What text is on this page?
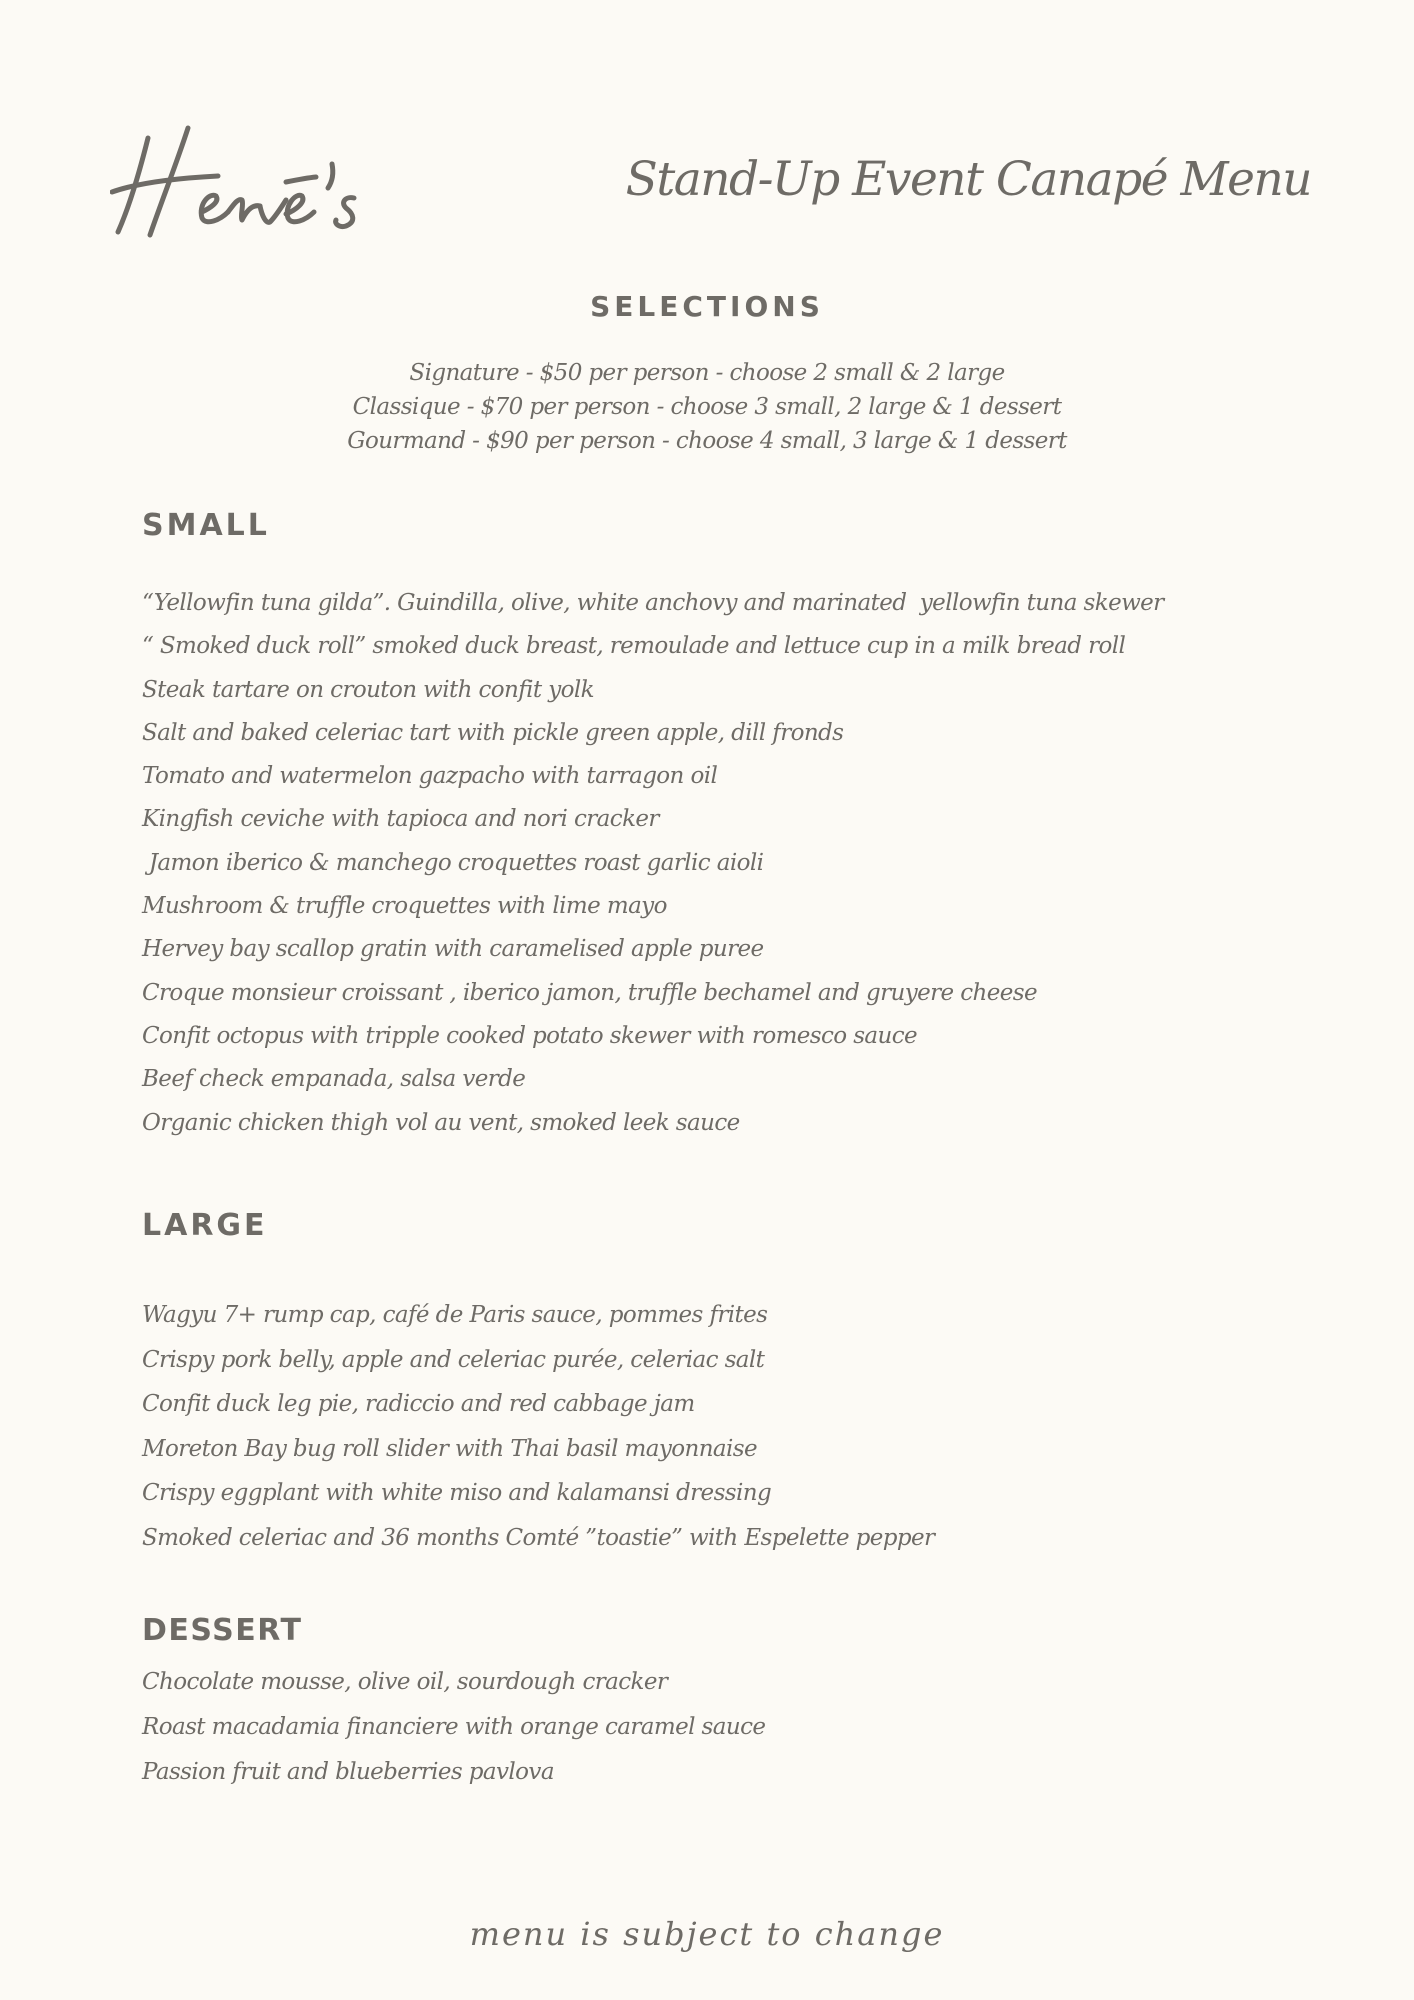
Stand-Up Event Canapé Menu
SELECTIONS
Signature - $50 per person - choose 2 small & 2 large
Classique - $70 per person - choose 3 small, 2 large & 1 dessert
Gourmand - $90 per person - choose 4 small, 3 large & 1 dessert
SMALL
“Yellowfin tuna gilda”. Guindilla, olive, white anchovy and marinated  yellowfin tuna skewer
“ Smoked duck roll” smoked duck breast, remoulade and lettuce cup in a milk bread roll
Steak tartare on crouton with confit yolk
Salt and baked celeriac tart with pickle green apple, dill fronds
Tomato and watermelon gazpacho with tarragon oil
Kingfish ceviche with tapioca and nori cracker
Jamon iberico & manchego croquettes roast garlic aioli
Mushroom & truffle croquettes with lime mayo
Hervey bay scallop gratin with caramelised apple puree
Croque monsieur croissant , iberico jamon, truffle bechamel and gruyere cheese
Confit octopus with tripple cooked potato skewer with romesco sauce
Beef check empanada, salsa verde
Organic chicken thigh vol au vent, smoked leek sauce
LARGE
Wagyu 7+ rump cap, café de Paris sauce, pommes frites
Crispy pork belly, apple and celeriac purée, celeriac salt
Confit duck leg pie, radiccio and red cabbage jam
Moreton Bay bug roll slider with Thai basil mayonnaise
Crispy eggplant with white miso and kalamansi dressing
Smoked celeriac and 36 months Comté ”toastie” with Espelette pepper
DESSERT
Chocolate mousse, olive oil, sourdough cracker
Roast macadamia financiere with orange caramel sauce
Passion fruit and blueberries pavlova

menu is subject to change
